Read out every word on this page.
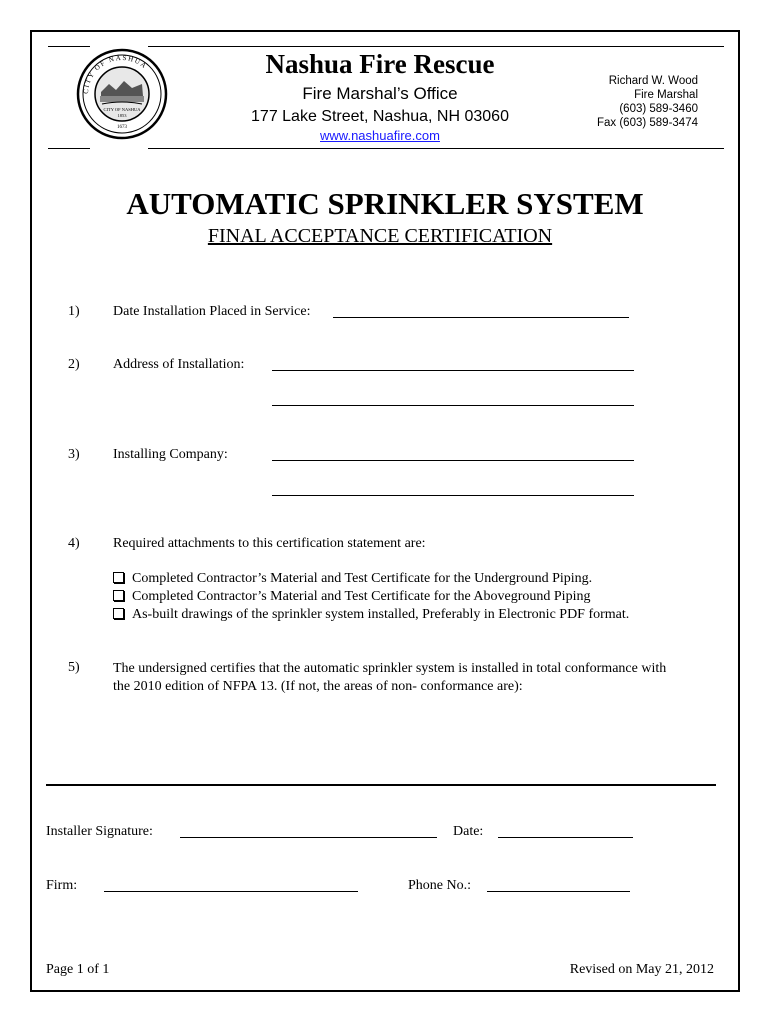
CITY OF NASHUA
CITY OF NASHUA
1853
1673
Nashua Fire Rescue
Fire Marshal’s Office
177 Lake Street, Nashua, NH 03060
www.nashuafire.com
Richard W. Wood
Fire Marshal
(603) 589-3460
Fax (603) 589-3474
AUTOMATIC SPRINKLER SYSTEM
FINAL ACCEPTANCE CERTIFICATION
1) Date Installation Placed in Service:
2) Address of Installation:
3) Installing Company:
4) Required attachments to this certification statement are:
Completed Contractor’s Material and Test Certificate for the Underground Piping.
Completed Contractor’s Material and Test Certificate for the Aboveground Piping
As-built drawings of the sprinkler system installed, Preferably in Electronic PDF format.
5) The undersigned certifies that the automatic sprinkler system is installed in total conformance with
the 2010 edition of NFPA 13. (If not, the areas of non- conformance are):
Installer Signature:	Date:
Firm:	Phone No.:
Page 1 of 1	Revised on May 21, 2012
